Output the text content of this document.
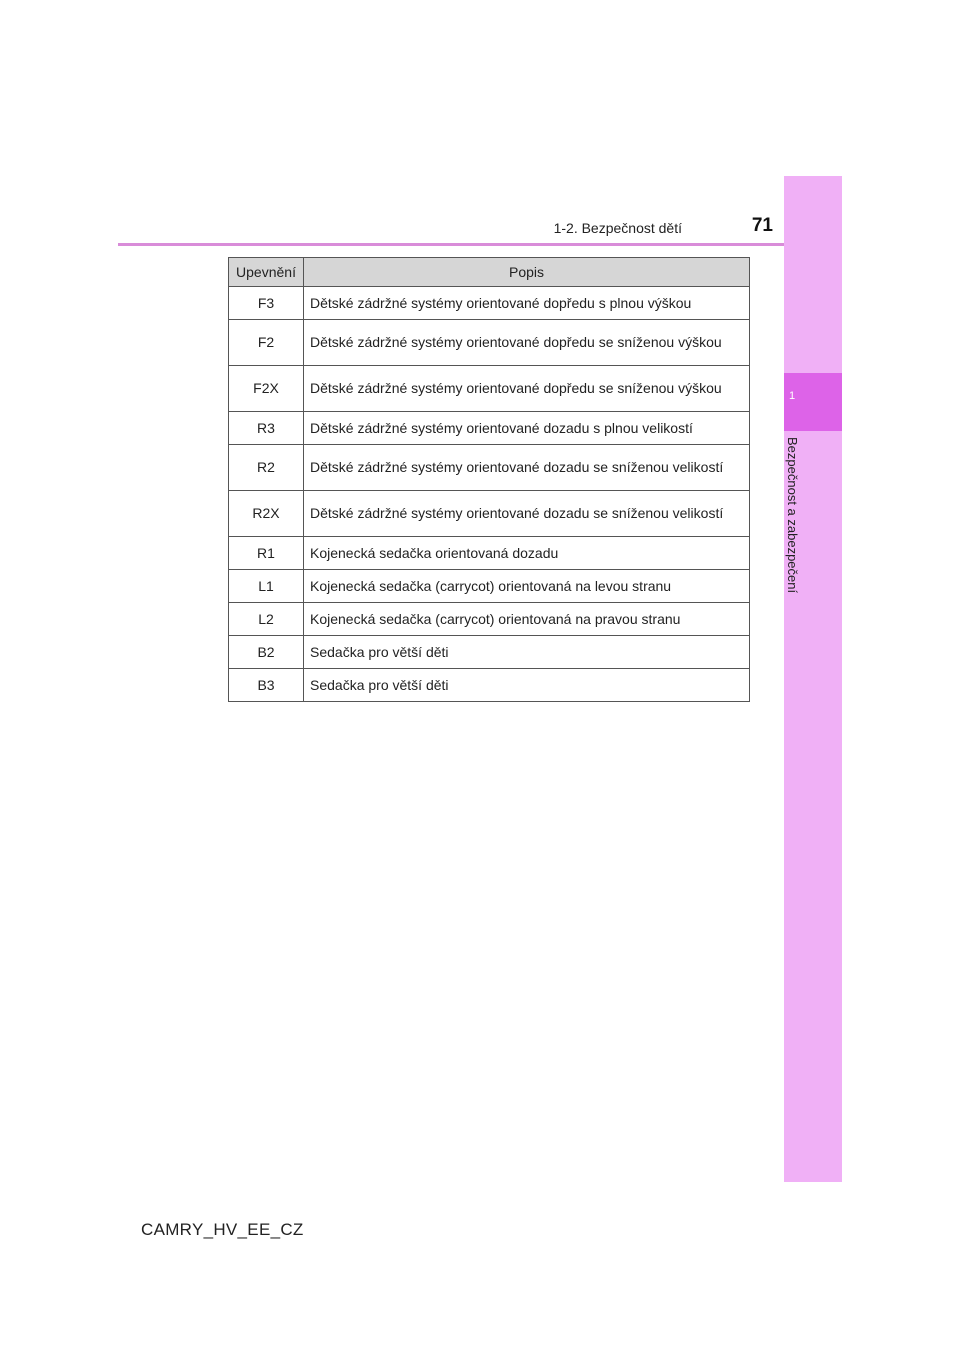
1-2. Bezpečnost dětí	71
1
Bezpečnost a zabezpečení
Upevnění	Popis
F3	Dětské zádržné systémy orientované dopředu s plnou výškou
F2	Dětské zádržné systémy orientované dopředu se sníženou výškou
F2X	Dětské zádržné systémy orientované dopředu se sníženou výškou
R3	Dětské zádržné systémy orientované dozadu s plnou velikostí
R2	Dětské zádržné systémy orientované dozadu se sníženou velikostí
R2X	Dětské zádržné systémy orientované dozadu se sníženou velikostí
R1	Kojenecká sedačka orientovaná dozadu
L1	Kojenecká sedačka (carrycot) orientovaná na levou stranu
L2	Kojenecká sedačka (carrycot) orientovaná na pravou stranu
B2	Sedačka pro větší děti
B3	Sedačka pro větší děti
CAMRY_HV_EE_CZ
